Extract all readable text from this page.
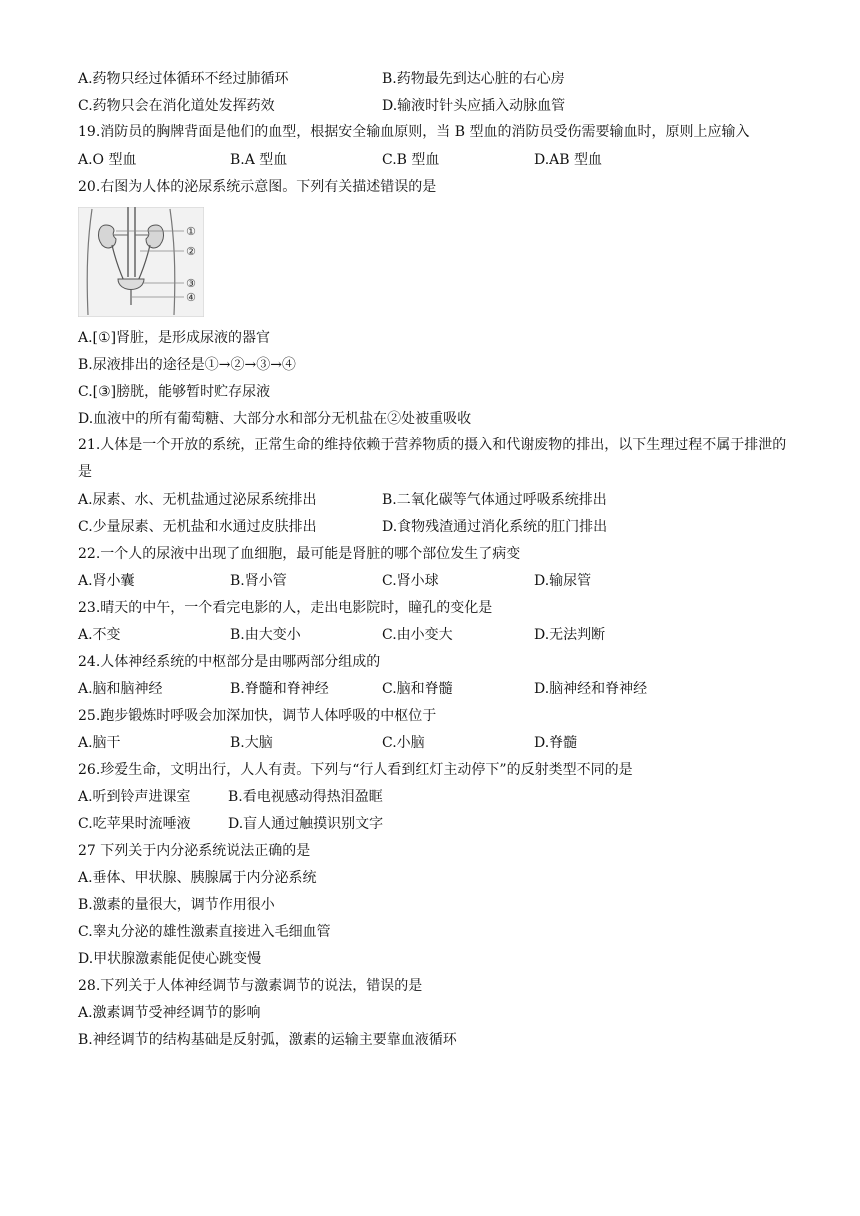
A.药物只经过体循环不经过肺循环	B.药物最先到达心脏的右心房
C.药物只会在消化道处发挥药效	D.输液时针头应插入动脉血管
19.消防员的胸牌背面是他们的血型，根据安全输血原则，当 B 型血的消防员受伤需要输血时，原则上应输入
A.O 型血	B.A 型血	C.B 型血	D.AB 型血
20.右图为人体的泌尿系统示意图。下列有关描述错误的是
①
②
③
④
A.[①]肾脏，是形成尿液的器官
B.尿液排出的途径是①→②→③→④
C.[③]膀胱，能够暂时贮存尿液
D.血液中的所有葡萄糖、大部分水和部分无机盐在②处被重吸收
21.人体是一个开放的系统，正常生命的维持依赖于营养物质的摄入和代谢废物的排出，以下生理过程不属于排泄的是
A.尿素、水、无机盐通过泌尿系统排出	B.二氧化碳等气体通过呼吸系统排出
C.少量尿素、无机盐和水通过皮肤排出	D.食物残渣通过消化系统的肛门排出
22.一个人的尿液中出现了血细胞，最可能是肾脏的哪个部位发生了病变
A.肾小囊	B.肾小管	C.肾小球	D.输尿管
23.晴天的中午，一个看完电影的人，走出电影院时，瞳孔的变化是
A.不变	B.由大变小	C.由小变大	D.无法判断
24.人体神经系统的中枢部分是由哪两部分组成的
A.脑和脑神经	B.脊髓和脊神经	C.脑和脊髓	D.脑神经和脊神经
25.跑步锻炼时呼吸会加深加快，调节人体呼吸的中枢位于
A.脑干	B.大脑	C.小脑	D.脊髓
26.珍爱生命，文明出行，人人有责。下列与“行人看到红灯主动停下”的反射类型不同的是
A.听到铃声进课室	B.看电视感动得热泪盈眶
C.吃苹果时流唾液	D.盲人通过触摸识别文字
27 下列关于内分泌系统说法正确的是
A.垂体、甲状腺、胰腺属于内分泌系统
B.激素的量很大，调节作用很小
C.睾丸分泌的雄性激素直接进入毛细血管
D.甲状腺激素能促使心跳变慢
28.下列关于人体神经调节与激素调节的说法，错误的是
A.激素调节受神经调节的影响
B.神经调节的结构基础是反射弧，激素的运输主要靠血液循环
